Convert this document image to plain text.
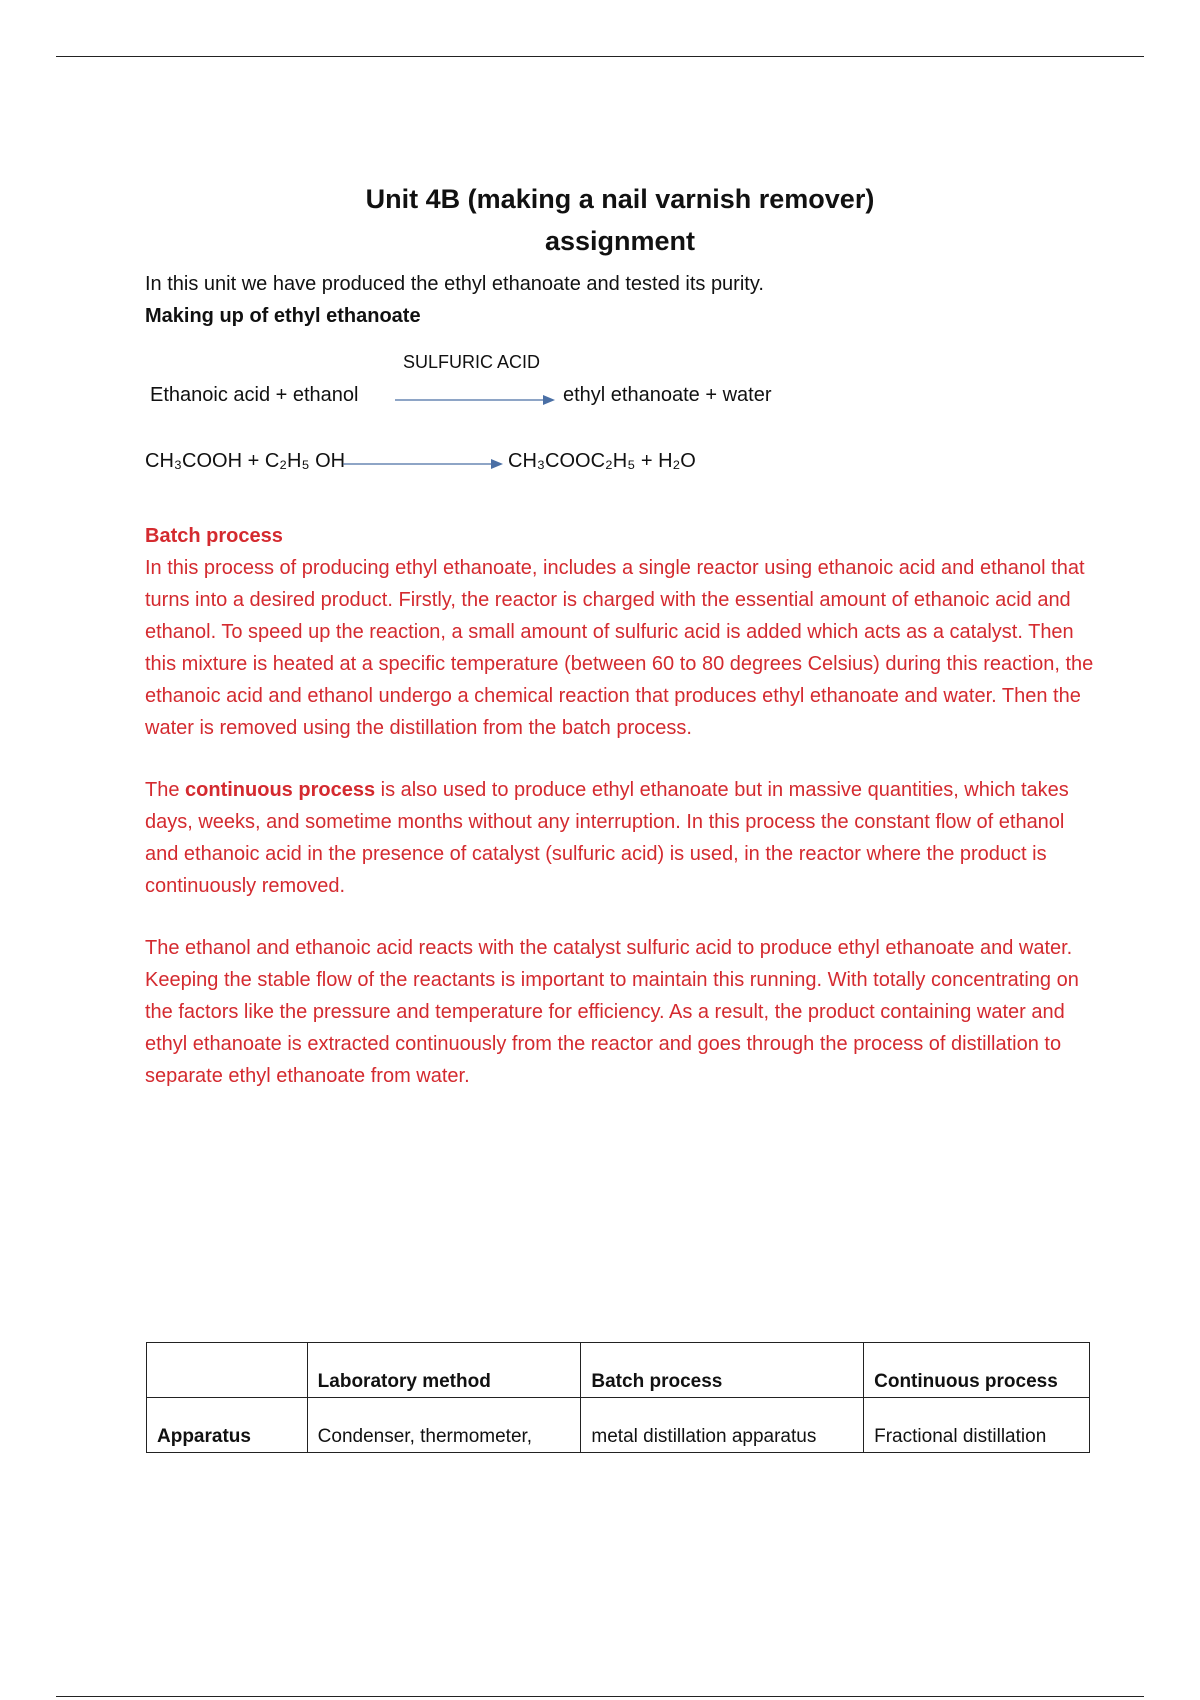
Unit 4B (making a nail varnish remover)
assignment

In this unit we have produced the ethyl ethanoate and tested its purity.

Making up of ethyl ethanoate

SULFURIC ACID
Ethanoic acid + ethanol	ethyl ethanoate + water
CH₃COOH + C₂H₅ OH	CH₃COOC₂H₅ + H₂O

Batch process

In this process of producing ethyl ethanoate, includes a single reactor using ethanoic acid and ethanol that turns into a desired product. Firstly, the reactor is charged with the essential amount of ethanoic acid and ethanol. To speed up the reaction, a small amount of sulfuric acid is added which acts as a catalyst. Then this mixture is heated at a specific temperature (between 60 to 80 degrees Celsius) during this reaction, the ethanoic acid and ethanol undergo a chemical reaction that produces ethyl ethanoate and water. Then the water is removed using the distillation from the batch process.

The continuous process is also used to produce ethyl ethanoate but in massive quantities, which takes days, weeks, and sometime months without any interruption. In this process the constant flow of ethanol and ethanoic acid in the presence of catalyst (sulfuric acid) is used, in the reactor where the product is continuously removed.

The ethanol and ethanoic acid reacts with the catalyst sulfuric acid to produce ethyl ethanoate and water. Keeping the stable flow of the reactants is important to maintain this running. With totally concentrating on the factors like the pressure and temperature for efficiency. As a result, the product containing water and ethyl ethanoate is extracted continuously from the reactor and goes through the process of distillation to separate ethyl ethanoate from water.

	Laboratory method	Batch process	Continuous process
Apparatus	Condenser, thermometer,	metal distillation apparatus	Fractional distillation
